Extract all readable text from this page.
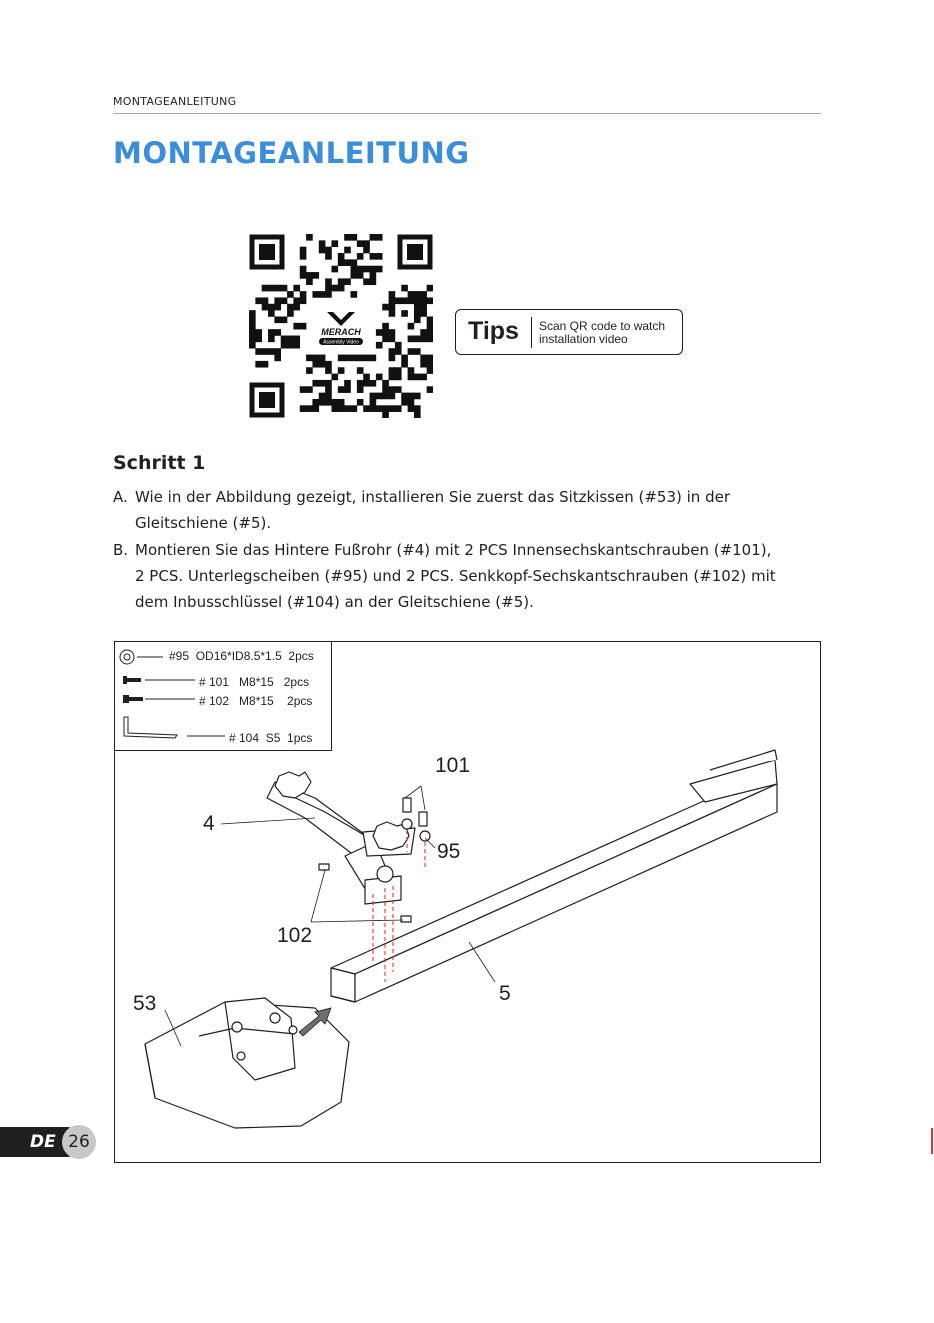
MONTAGEANLEITUNG
MONTAGEANLEITUNG
MERACH
Assembly Video	Tips Scan QR code to watch
installation video
Schritt 1
A. Wie in der Abbildung gezeigt, installieren Sie zuerst das Sitzkissen (#53) in der
Gleitschiene (#5).
B. Montieren Sie das Hintere Fußrohr (#4) mit 2 PCS Innensechskantschrauben (#101),
2 PCS. Unterlegscheiben (#95) und 2 PCS. Senkkopf-Sechskantschrauben (#102) mit
dem Inbusschlüssel (#104) an der Gleitschiene (#5).
#95  OD16*ID8.5*1.5  2pcs
# 101   M8*15   2pcs
# 102   M8*15    2pcs
# 104  S5  1pcs
101
4
95
102
5
53
DE 26
